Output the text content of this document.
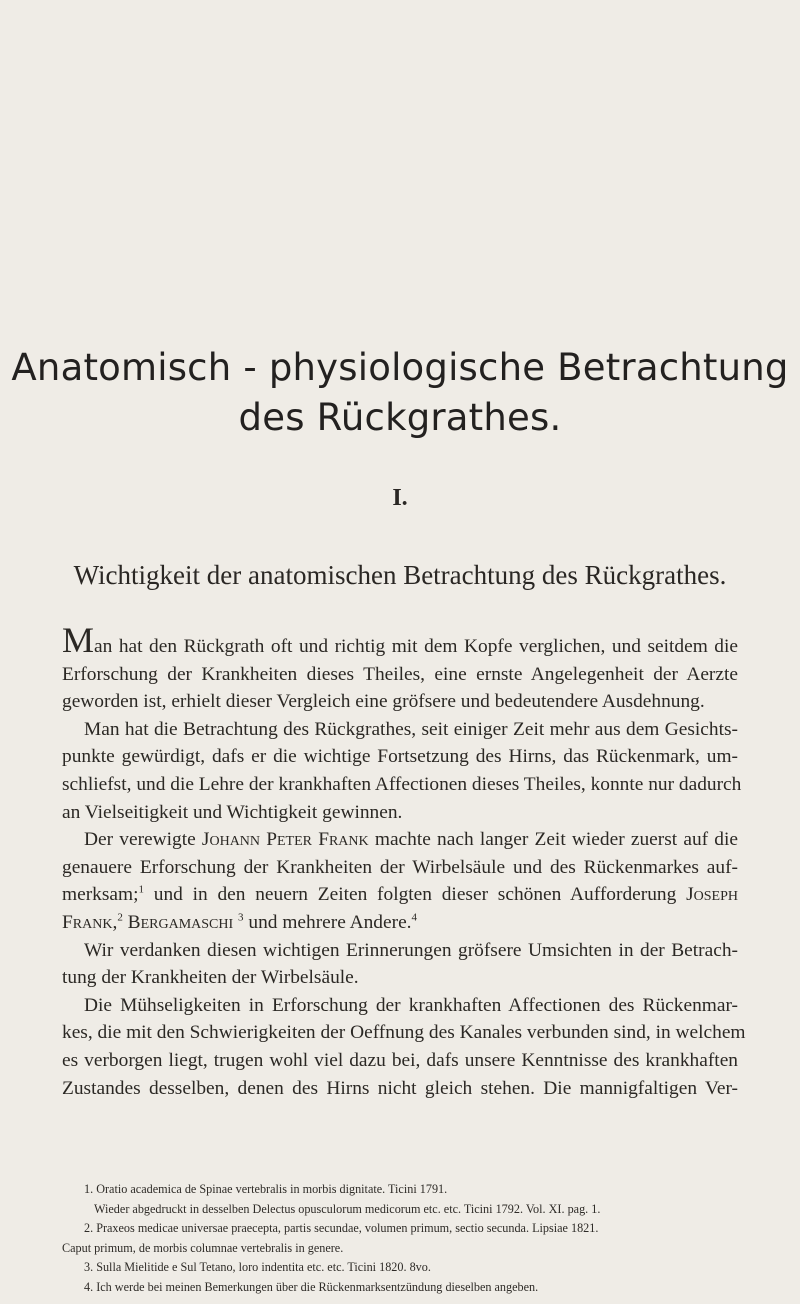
Anatomisch - physiologische Betrachtung
des Rückgrathes.
I.
Wichtigkeit der anatomischen Betrachtung des Rückgrathes.
Man hat den Rückgrath oft und richtig mit dem Kopfe verglichen, und seitdem die
Erforschung der Krankheiten dieses Theiles, eine ernste Angelegenheit der Aerzte
geworden ist, erhielt dieser Vergleich eine gröfsere und bedeutendere Ausdehnung.
Man hat die Betrachtung des Rückgrathes, seit einiger Zeit mehr aus dem Gesichts-
punkte gewürdigt, dafs er die wichtige Fortsetzung des Hirns, das Rückenmark, um-
schliefst, und die Lehre der krankhaften Affectionen dieses Theiles, konnte nur dadurch
an Vielseitigkeit und Wichtigkeit gewinnen.
Der verewigte Johann Peter Frank machte nach langer Zeit wieder zuerst auf die
genauere Erforschung der Krankheiten der Wirbelsäule und des Rückenmarkes auf-
merksam;$^1$ und in den neuern Zeiten folgten dieser schönen Aufforderung Joseph
Frank,$^2$ Bergamaschi $^3$ und mehrere Andere.$^4$
Wir verdanken diesen wichtigen Erinnerungen gröfsere Umsichten in der Betrach-
tung der Krankheiten der Wirbelsäule.
Die Mühseligkeiten in Erforschung der krankhaften Affectionen des Rückenmar-
kes, die mit den Schwierigkeiten der Oeffnung des Kanales verbunden sind, in welchem
es verborgen liegt, trugen wohl viel dazu bei, dafs unsere Kenntnisse des krankhaften
Zustandes desselben, denen des Hirns nicht gleich stehen. Die mannigfaltigen Ver-
1. Oratio academica de Spinae vertebralis in morbis dignitate. Ticini 1791.
Wieder abgedruckt in desselben Delectus opusculorum medicorum etc. etc. Ticini 1792. Vol. XI. pag. 1.
2. Praxeos medicae universae praecepta, partis secundae, volumen primum, sectio secunda. Lipsiae 1821.
Caput primum, de morbis columnae vertebralis in genere.
3. Sulla Mielitide e Sul Tetano, loro indentita etc. etc. Ticini 1820. 8vo.
4. Ich werde bei meinen Bemerkungen über die Rückenmarksentzündung dieselben angeben.
